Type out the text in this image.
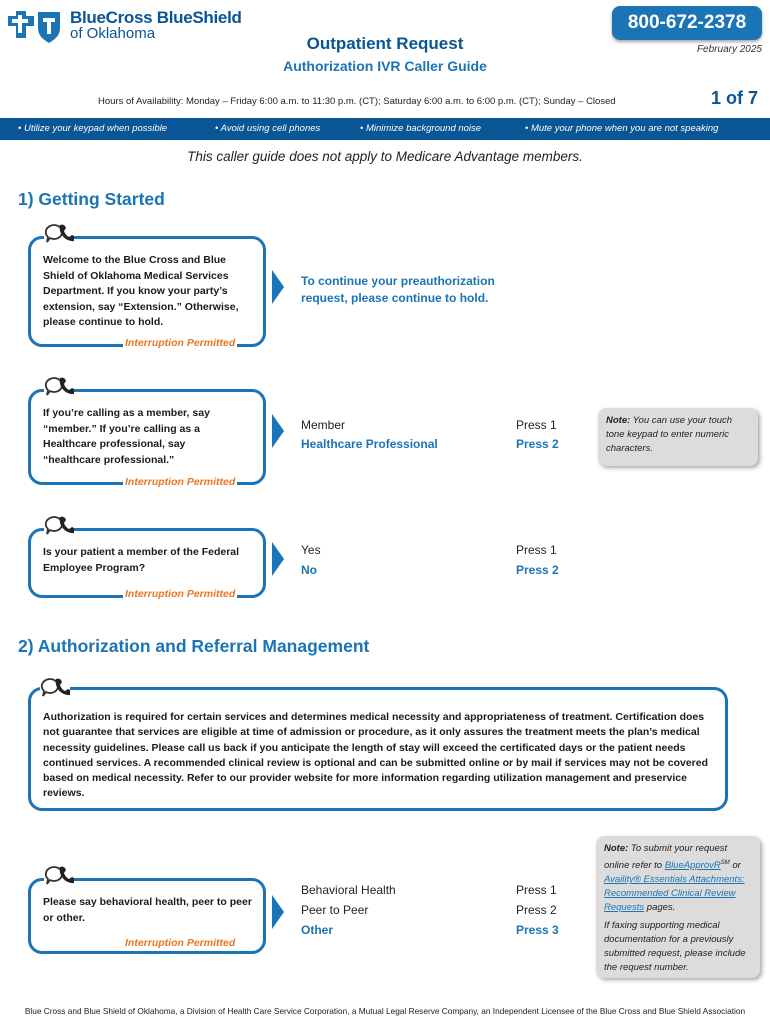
BlueCross BlueShield
of Oklahoma
800-672-2378
February 2025
Outpatient Request
Authorization IVR Caller Guide
Hours of Availability: Monday – Friday 6:00 a.m. to 11:30 p.m. (CT); Saturday 6:00 a.m. to 6:00 p.m. (CT); Sunday – Closed	1 of 7
• Utilize your keypad when possible	• Avoid using cell phones	• Minimize background noise	• Mute your phone when you are not speaking
This caller guide does not apply to Medicare Advantage members.
1) Getting Started
Welcome to the Blue Cross and Blue Shield of Oklahoma Medical Services Department. If you know your party’s extension, say “Extension.” Otherwise, please continue to hold.
Interruption Permitted
To continue your preauthorization request, please continue to hold.
If you’re calling as a member, say “member.” If you’re calling as a Healthcare professional, say “healthcare professional.”
Interruption Permitted
Member	Press 1
Healthcare Professional	Press 2
Note: You can use your touch tone keypad to enter numeric characters.
Is your patient a member of the Federal Employee Program?
Interruption Permitted
Yes	Press 1
No	Press 2
2) Authorization and Referral Management
Authorization is required for certain services and determines medical necessity and appropriateness of treatment. Certification does not guarantee that services are eligible at time of admission or procedure, as it only assures the treatment meets the plan’s medical necessity guidelines. Please call us back if you anticipate the length of stay will exceed the certificated days or the patient needs continued services. A recommended clinical review is optional and can be submitted online or by mail if services may not be covered based on medical necessity. Refer to our provider website for more information regarding utilization management and preservice reviews.
Please say behavioral health, peer to peer or other.
Interruption Permitted
Behavioral Health	Press 1
Peer to Peer	Press 2
Other	Press 3
Note: To submit your request online refer to BlueApprovR℠ or Availity® Essentials Attachments: Recommended Clinical Review Requests pages.
If faxing supporting medical documentation for a previously submitted request, please include the request number.
Blue Cross and Blue Shield of Oklahoma, a Division of Health Care Service Corporation, a Mutual Legal Reserve Company, an Independent Licensee of the Blue Cross and Blue Shield Association
